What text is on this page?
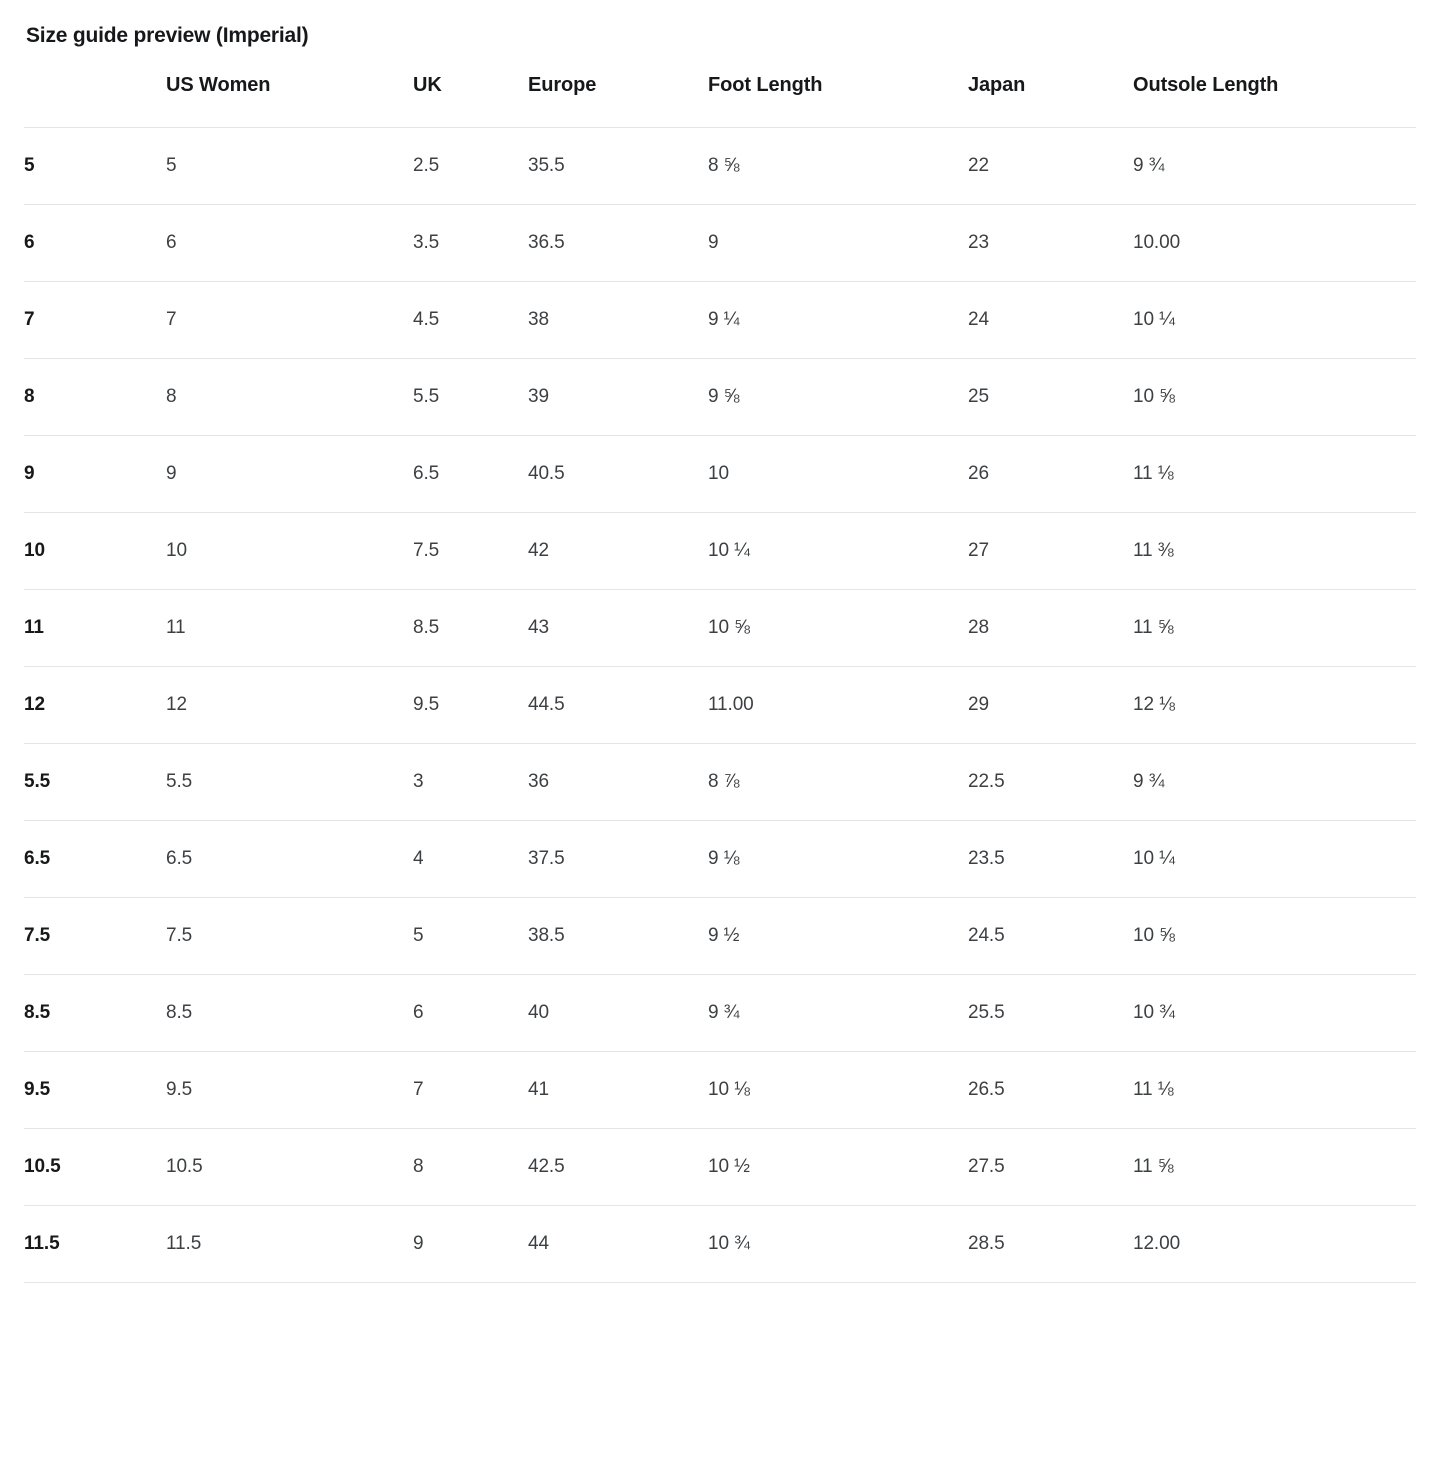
Size guide preview (Imperial)
	US Women	UK	Europe	Foot Length	Japan	Outsole Length
5	5	2.5	35.5	8 ⅝	22	9 ¾
6	6	3.5	36.5	9	23	10.00
7	7	4.5	38	9 ¼	24	10 ¼
8	8	5.5	39	9 ⅝	25	10 ⅝
9	9	6.5	40.5	10	26	11 ⅛
10	10	7.5	42	10 ¼	27	11 ⅜
11	11	8.5	43	10 ⅝	28	11 ⅝
12	12	9.5	44.5	11.00	29	12 ⅛
5.5	5.5	3	36	8 ⅞	22.5	9 ¾
6.5	6.5	4	37.5	9 ⅛	23.5	10 ¼
7.5	7.5	5	38.5	9 ½	24.5	10 ⅝
8.5	8.5	6	40	9 ¾	25.5	10 ¾
9.5	9.5	7	41	10 ⅛	26.5	11 ⅛
10.5	10.5	8	42.5	10 ½	27.5	11 ⅝
11.5	11.5	9	44	10 ¾	28.5	12.00
